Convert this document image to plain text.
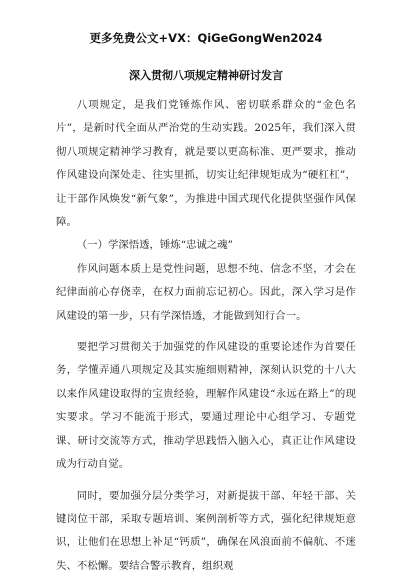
更多免费公文+VX：QiGeGongWen2024
深入贯彻八项规定精神研讨发言

八项规定，是我们党锤炼作风、密切联系群众的“金色名片”，是新时代全面从严治党的生动实践。2025年，我们深入贯彻八项规定精神学习教育，就是要以更高标准、更严要求，推动作风建设向深处走、往实里抓，切实让纪律规矩成为“硬杠杠”，让干部作风焕发“新气象”，为推进中国式现代化提供坚强作风保障。

（一）学深悟透，锤炼“忠诚之魂”

作风问题本质上是党性问题，思想不纯、信念不坚，才会在纪律面前心存侥幸，在权力面前忘记初心。因此，深入学习是作风建设的第一步，只有学深悟透，才能做到知行合一。

要把学习贯彻关于加强党的作风建设的重要论述作为首要任务，学懂弄通八项规定及其实施细则精神，深刻认识党的十八大以来作风建设取得的宝贵经验，理解作风建设“永远在路上”的现实要求。学习不能流于形式，要通过理论中心组学习、专题党课、研讨交流等方式，推动学思践悟入脑入心，真正让作风建设成为行动自觉。

同时，要加强分层分类学习，对新提拔干部、年轻干部、关键岗位干部，采取专题培训、案例剖析等方式，强化纪律规矩意识，让他们在思想上补足“钙质”，确保在风浪面前不偏航、不迷失、不松懈。要结合警示教育，组织观
